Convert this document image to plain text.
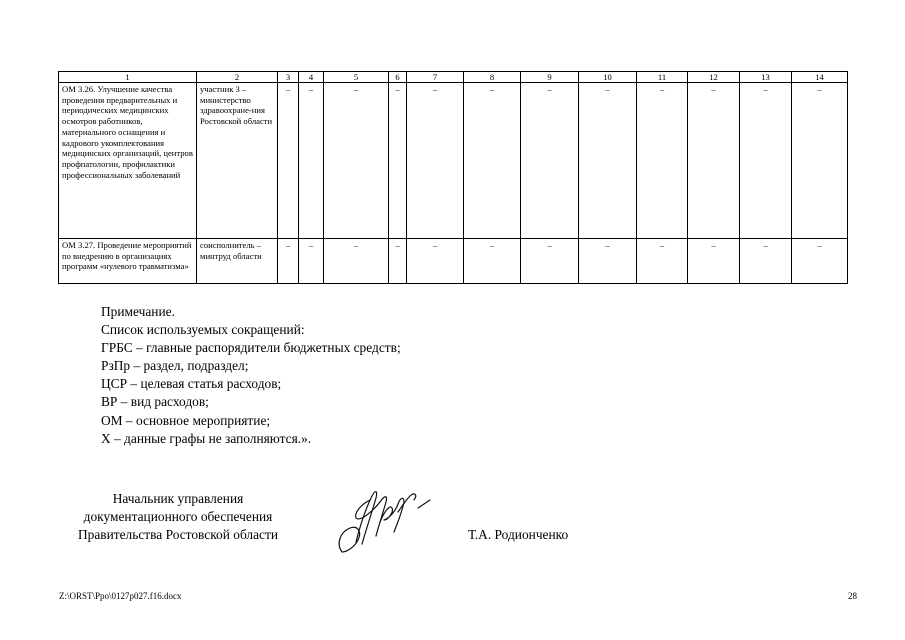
1	2	3	4	5	6	7	8	9	10	11	12	13	14
ОМ 3.26. Улучшение качества проведения предварительных и периодических медицинских осмотров работников, материального оснащения и кадрового укомплектования медицинских организаций, центров профпатологии, профилактики профессиональных заболеваний	участник 3 – министерство здравоохране-ния Ростовской области	–	–	–	–	–	–	–	–	–	–	–	–
ОМ 3.27. Проведение мероприятий по внедрению в организациях программ «нулевого травматизма»	соисполнитель – минтруд области	–	–	–	–	–	–	–	–	–	–	–	–
Примечание.
Список используемых сокращений:
ГРБС – главные распорядители бюджетных средств;
РзПр – раздел, подраздел;
ЦСР – целевая статья расходов;
ВР – вид расходов;
ОМ – основное мероприятие;
Х – данные графы не заполняются.».
Начальник управления
документационного обеспечения
Правительства Ростовской области	Т.А. Родионченко
Z:\ORST\Ppo\0127p027.f16.docx	28
